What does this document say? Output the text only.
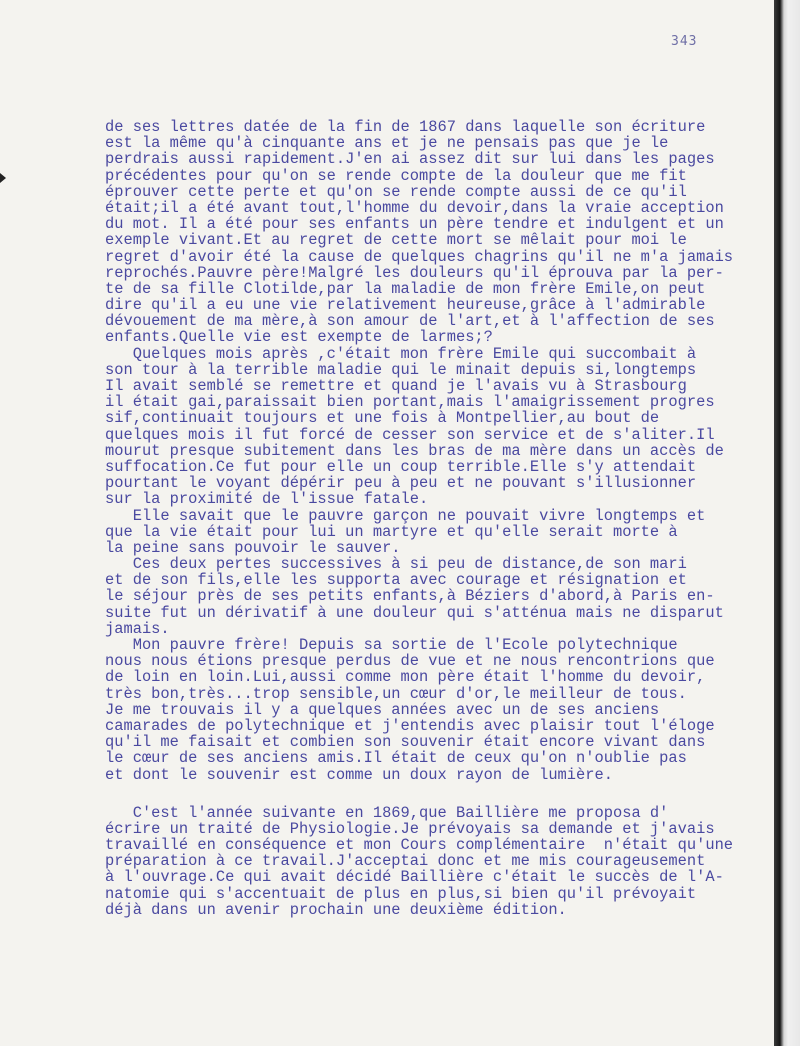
343
de ses lettres datée de la fin de 1867 dans laquelle son écriture
est la même qu'à cinquante ans et je ne pensais pas que je le
perdrais aussi rapidement.J'en ai assez dit sur lui dans les pages
précédentes pour qu'on se rende compte de la douleur que me fit
éprouver cette perte et qu'on se rende compte aussi de ce qu'il
était;il a été avant tout,l'homme du devoir,dans la vraie acception
du mot. Il a été pour ses enfants un père tendre et indulgent et un
exemple vivant.Et au regret de cette mort se mêlait pour moi le
regret d'avoir été la cause de quelques chagrins qu'il ne m'a jamais
reprochés.Pauvre père!Malgré les douleurs qu'il éprouva par la per-
te de sa fille Clotilde,par la maladie de mon frère Emile,on peut
dire qu'il a eu une vie relativement heureuse,grâce à l'admirable
dévouement de ma mère,à son amour de l'art,et à l'affection de ses
enfants.Quelle vie est exempte de larmes;?
Quelques mois après ,c'était mon frère Emile qui succombait à
son tour à la terrible maladie qui le minait depuis si,longtemps
Il avait semblé se remettre et quand je l'avais vu à Strasbourg
il était gai,paraissait bien portant,mais l'amaigrissement progres
sif,continuait toujours et une fois à Montpellier,au bout de
quelques mois il fut forcé de cesser son service et de s'aliter.Il
mourut presque subitement dans les bras de ma mère dans un accès de
suffocation.Ce fut pour elle un coup terrible.Elle s'y attendait
pourtant le voyant dépérir peu à peu et ne pouvant s'illusionner
sur la proximité de l'issue fatale.
Elle savait que le pauvre garçon ne pouvait vivre longtemps et
que la vie était pour lui un martyre et qu'elle serait morte à
la peine sans pouvoir le sauver.
Ces deux pertes successives à si peu de distance,de son mari
et de son fils,elle les supporta avec courage et résignation et
le séjour près de ses petits enfants,à Béziers d'abord,à Paris en-
suite fut un dérivatif à une douleur qui s'atténua mais ne disparut
jamais.
Mon pauvre frère! Depuis sa sortie de l'Ecole polytechnique
nous nous étions presque perdus de vue et ne nous rencontrions que
de loin en loin.Lui,aussi comme mon père était l'homme du devoir,
très bon,très...trop sensible,un cœur d'or,le meilleur de tous.
Je me trouvais il y a quelques années avec un de ses anciens
camarades de polytechnique et j'entendis avec plaisir tout l'éloge
qu'il me faisait et combien son souvenir était encore vivant dans
le cœur de ses anciens amis.Il était de ceux qu'on n'oublie pas
et dont le souvenir est comme un doux rayon de lumière.
C'est l'année suivante en 1869,que Baillière me proposa d'
écrire un traité de Physiologie.Je prévoyais sa demande et j'avais
travaillé en conséquence et mon Cours complémentaire  n'était qu'une
préparation à ce travail.J'acceptai donc et me mis courageusement
à l'ouvrage.Ce qui avait décidé Baillière c'était le succès de l'A-
natomie qui s'accentuait de plus en plus,si bien qu'il prévoyait
déjà dans un avenir prochain une deuxième édition.
